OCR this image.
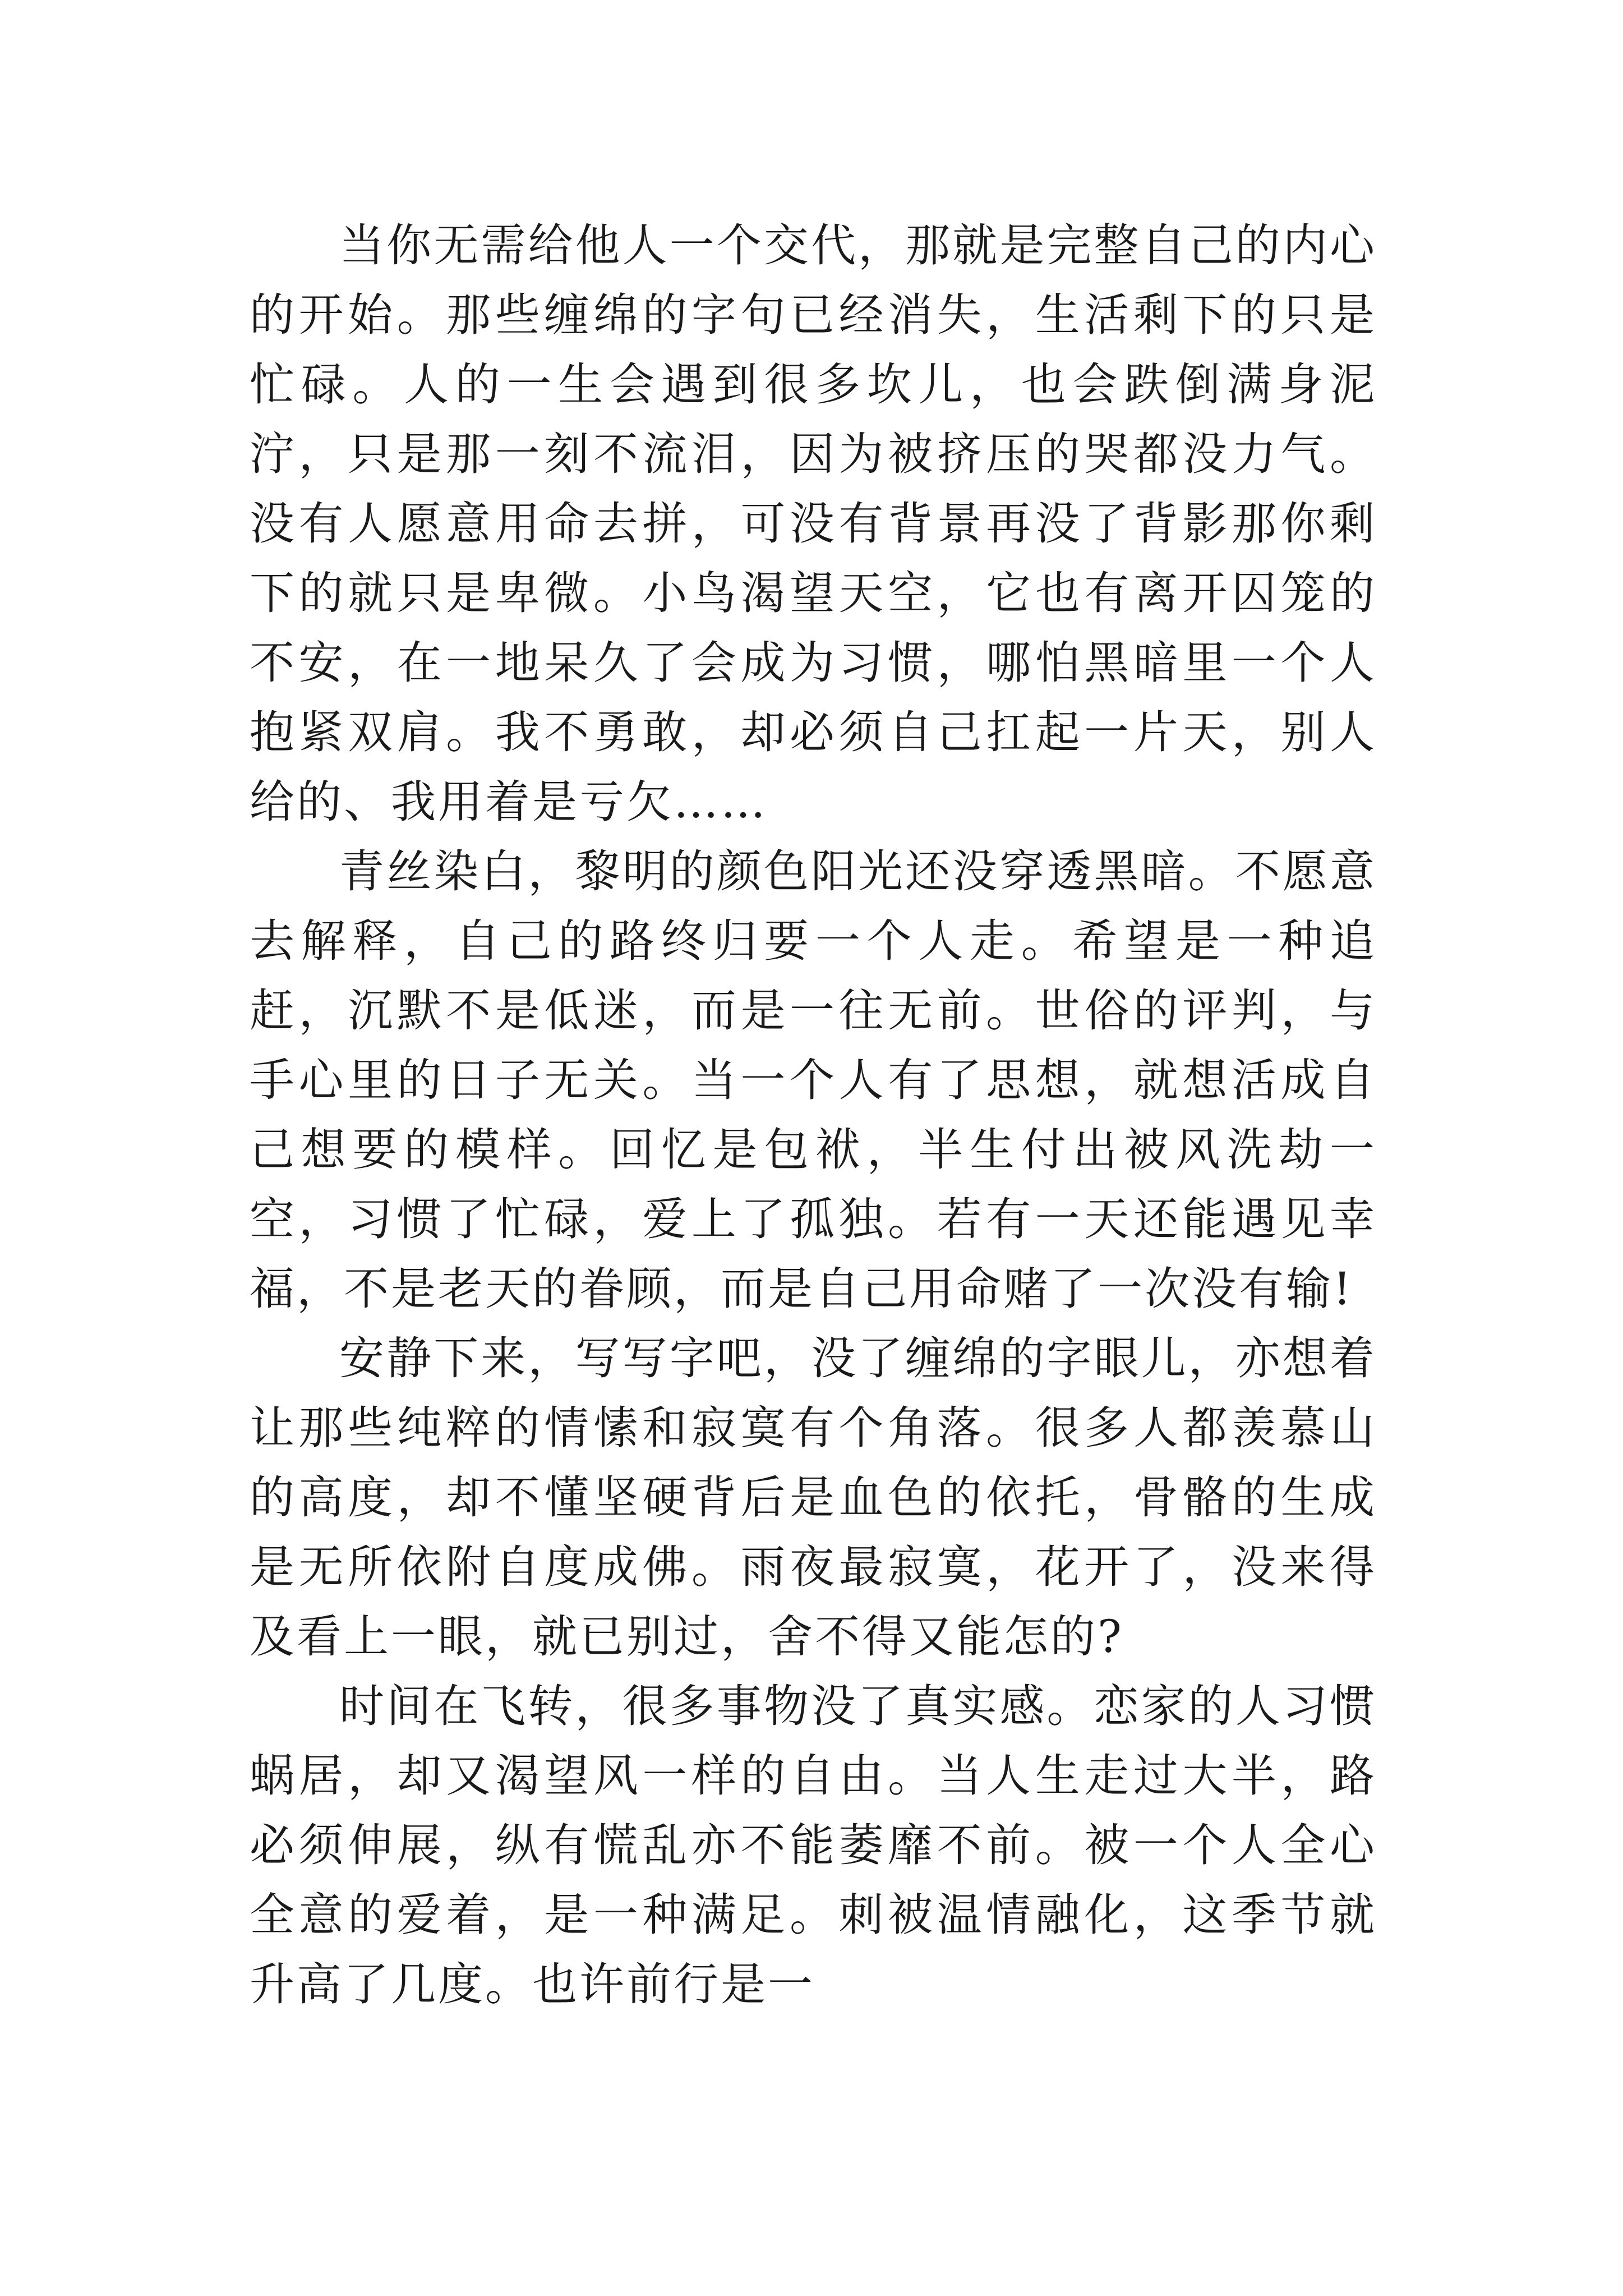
当你无需给他人一个交代，那就是完整自己的内心的开始。那些缠绵的字句已经消失，生活剩下的只是忙碌。人的一生会遇到很多坎儿，也会跌倒满身泥泞，只是那一刻不流泪，因为被挤压的哭都没力气。没有人愿意用命去拼，可没有背景再没了背影那你剩下的就只是卑微。小鸟渴望天空，它也有离开囚笼的不安，在一地呆久了会成为习惯，哪怕黑暗里一个人抱紧双肩。我不勇敢，却必须自己扛起一片天，别人给的、我用着是亏欠……

青丝染白，黎明的颜色阳光还没穿透黑暗。不愿意去解释，自己的路终归要一个人走。希望是一种追赶，沉默不是低迷，而是一往无前。世俗的评判，与手心里的日子无关。当一个人有了思想，就想活成自己想要的模样。回忆是包袱，半生付出被风洗劫一空，习惯了忙碌，爱上了孤独。若有一天还能遇见幸福，不是老天的眷顾，而是自己用命赌了一次没有输!

安静下来，写写字吧，没了缠绵的字眼儿，亦想着让那些纯粹的情愫和寂寞有个角落。很多人都羡慕山的高度，却不懂坚硬背后是血色的依托，骨骼的生成是无所依附自度成佛。雨夜最寂寞，花开了，没来得及看上一眼，就已别过，舍不得又能怎的?

时间在飞转，很多事物没了真实感。恋家的人习惯蜗居，却又渴望风一样的自由。当人生走过大半，路必须伸展，纵有慌乱亦不能萎靡不前。被一个人全心全意的爱着，是一种满足。刺被温情融化，这季节就升高了几度。也许前行是一
